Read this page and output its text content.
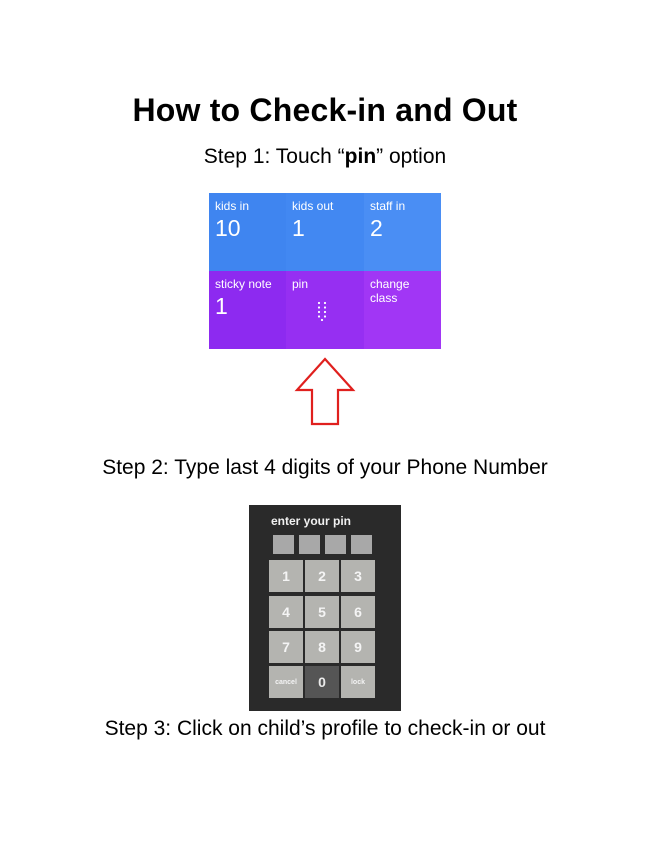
How to Check-in and Out
Step 1: Touch “pin” option
kids in
10
kids out
1
staff in
2
sticky note
1
pin	change class
Step 2: Type last 4 digits of your Phone Number
enter your pin
1	2	3
4	5	6
7	8	9
cancel	0	lock
Step 3: Click on child’s profile to check-in or out
